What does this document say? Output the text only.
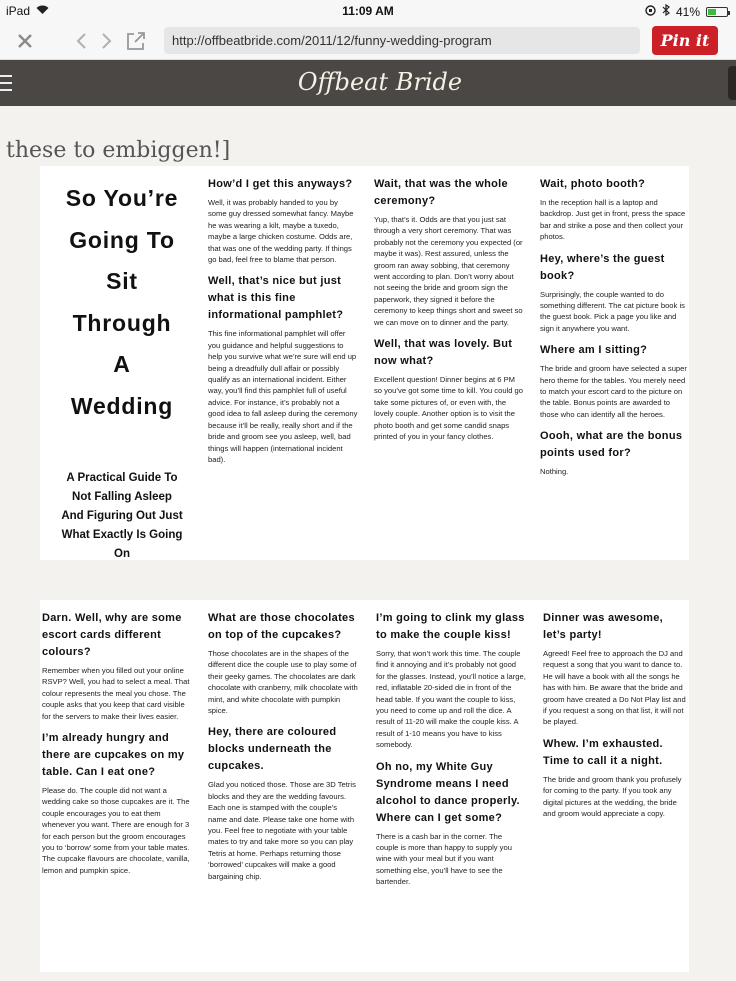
iPad	11:09 AM	41%
http://offbeatbride.com/2011/12/funny-wedding-program	Pin it
Offbeat Bride
these to embiggen!]
So You’re
Going To
Sit
Through
A
Wedding
A Practical Guide To
Not Falling Asleep
And Figuring Out Just
What Exactly Is Going
On
How’d I get this anyways?
Well, it was probably handed to you by some guy dressed somewhat fancy. Maybe he was wearing a kilt, maybe a tuxedo, maybe a large chicken costume. Odds are, that was one of the wedding party. If things go bad, feel free to blame that person.
Well, that’s nice but just what is this fine informational pamphlet?
This fine informational pamphlet will offer you guidance and helpful suggestions to help you survive what we’re sure will end up being a dreadfully dull affair or possibly qualify as an international incident. Either way, you’ll find this pamphlet full of useful advice. For instance, it’s probably not a good idea to fall asleep during the ceremony because it’ll be really, really short and if the bride and groom see you asleep, well, bad things will happen (international incident bad).
Wait, that was the whole ceremony?
Yup, that’s it. Odds are that you just sat through a very short ceremony. That was probably not the ceremony you expected (or maybe it was). Rest assured, unless the groom ran away sobbing, that ceremony went according to plan. Don’t worry about not seeing the bride and groom sign the paperwork, they signed it before the ceremony to keep things short and sweet so we can move on to dinner and the party.
Well, that was lovely. But now what?
Excellent question! Dinner begins at 6 PM so you’ve got some time to kill. You could go take some pictures of, or even with, the lovely couple. Another option is to visit the photo booth and get some candid snaps printed of you in your fancy clothes.
Wait, photo booth?
In the reception hall is a laptop and backdrop. Just get in front, press the space bar and strike a pose and then collect your photos.
Hey, where’s the guest book?
Surprisingly, the couple wanted to do something different. The cat picture book is the guest book. Pick a page you like and sign it anywhere you want.
Where am I sitting?
The bride and groom have selected a super hero theme for the tables. You merely need to match your escort card to the picture on the table. Bonus points are awarded to those who can identify all the heroes.
Oooh, what are the bonus points used for?
Nothing.
Darn. Well, why are some escort cards different colours?
Remember when you filled out your online RSVP? Well, you had to select a meal. That colour represents the meal you chose. The couple asks that you keep that card visible for the servers to make their lives easier.
I’m already hungry and there are cupcakes on my table. Can I eat one?
Please do. The couple did not want a wedding cake so those cupcakes are it. The couple encourages you to eat them whenever you want. There are enough for 3 for each person but the groom encourages you to ‘borrow’ some from your table mates. The cupcake flavours are chocolate, vanilla, lemon and pumpkin spice.
What are those chocolates on top of the cupcakes?
Those chocolates are in the shapes of the different dice the couple use to play some of their geeky games. The chocolates are dark chocolate with cranberry, milk chocolate with mint, and white chocolate with pumpkin spice.
Hey, there are coloured blocks underneath the cupcakes.
Glad you noticed those. Those are 3D Tetris blocks and they are the wedding favours. Each one is stamped with the couple’s name and date. Please take one home with you. Feel free to negotiate with your table mates to try and take more so you can play Tetris at home. Perhaps returning those ‘borrowed’ cupcakes will make a good bargaining chip.
I’m going to clink my glass to make the couple kiss!
Sorry, that won’t work this time. The couple find it annoying and it’s probably not good for the glasses. Instead, you’ll notice a large, red, inflatable 20-sided die in front of the head table. If you want the couple to kiss, you need to come up and roll the dice. A result of 11-20 will make the couple kiss. A result of 1-10 means you have to kiss somebody.
Oh no, my White Guy Syndrome means I need alcohol to dance properly. Where can I get some?
There is a cash bar in the corner. The couple is more than happy to supply you wine with your meal but if you want something else, you’ll have to see the bartender.
Dinner was awesome, let’s party!
Agreed! Feel free to approach the DJ and request a song that you want to dance to. He will have a book with all the songs he has with him. Be aware that the bride and groom have created a Do Not Play list and if you request a song on that list, it will not be played.
Whew. I’m exhausted. Time to call it a night.
The bride and groom thank you profusely for coming to the party. If you took any digital pictures at the wedding, the bride and groom would appreciate a copy.
